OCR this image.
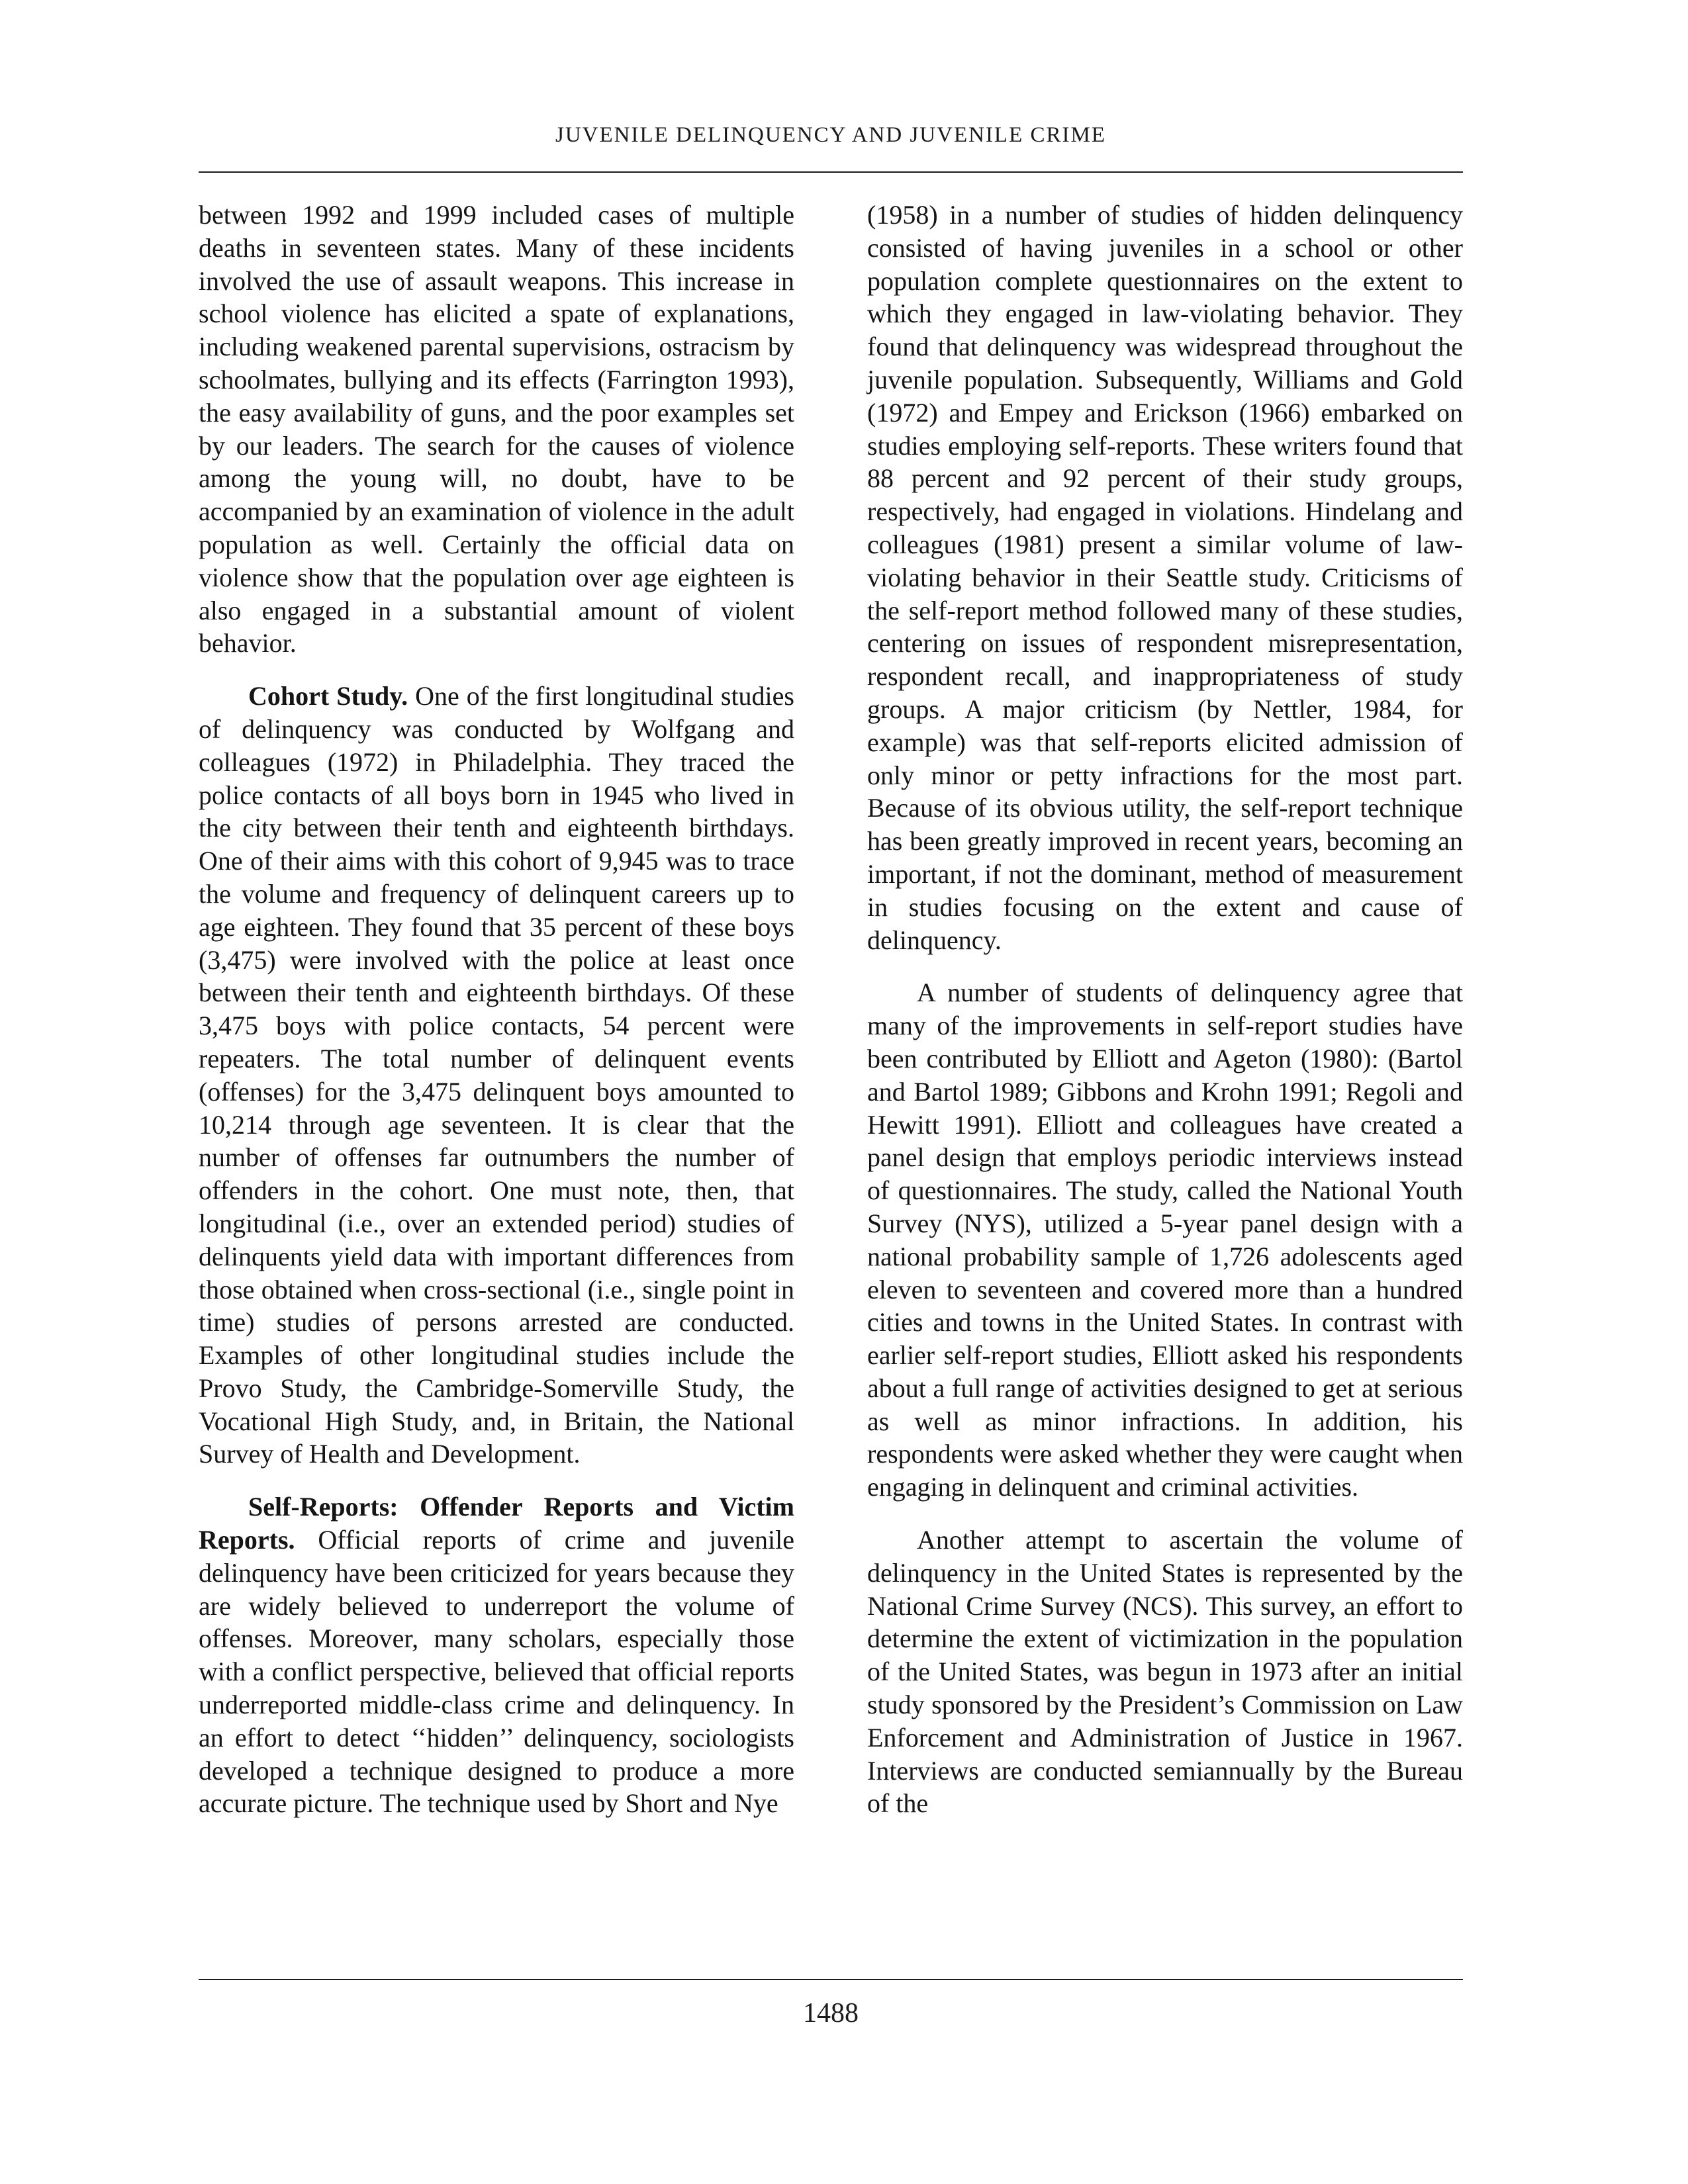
JUVENILE DELINQUENCY AND JUVENILE CRIME

between 1992 and 1999 included cases of multiple deaths in seventeen states. Many of these incidents involved the use of assault weapons. This increase in school violence has elicited a spate of explanations, including weakened parental supervisions, ostracism by schoolmates, bullying and its effects (Farrington 1993), the easy availability of guns, and the poor examples set by our leaders. The search for the causes of violence among the young will, no doubt, have to be accompanied by an examination of violence in the adult population as well. Certainly the official data on violence show that the population over age eighteen is also engaged in a substantial amount of violent behavior.

Cohort Study. One of the first longitudinal studies of delinquency was conducted by Wolfgang and colleagues (1972) in Philadelphia. They traced the police contacts of all boys born in 1945 who lived in the city between their tenth and eighteenth birthdays. One of their aims with this cohort of 9,945 was to trace the volume and frequency of delinquent careers up to age eighteen. They found that 35 percent of these boys (3,475) were involved with the police at least once between their tenth and eighteenth birthdays. Of these 3,475 boys with police contacts, 54 percent were repeaters. The total number of delinquent events (offenses) for the 3,475 delinquent boys amounted to 10,214 through age seventeen. It is clear that the number of offenses far outnumbers the number of offenders in the cohort. One must note, then, that longitudinal (i.e., over an extended period) studies of delinquents yield data with important differences from those obtained when cross-sectional (i.e., single point in time) studies of persons arrested are conducted. Examples of other longitudinal studies include the Provo Study, the Cambridge-Somerville Study, the Vocational High Study, and, in Britain, the National Survey of Health and Development.

Self-Reports: Offender Reports and Victim Reports. Official reports of crime and juvenile delinquency have been criticized for years because they are widely believed to underreport the volume of offenses. Moreover, many scholars, especially those with a conflict perspective, believed that official reports underreported middle-class crime and delinquency. In an effort to detect ‘‘hidden’’ delinquency, sociologists developed a technique designed to produce a more accurate picture. The technique used by Short and Nye

(1958) in a number of studies of hidden delinquency consisted of having juveniles in a school or other population complete questionnaires on the extent to which they engaged in law-violating behavior. They found that delinquency was widespread throughout the juvenile population. Subsequently, Williams and Gold (1972) and Empey and Erickson (1966) embarked on studies employing self-reports. These writers found that 88 percent and 92 percent of their study groups, respectively, had engaged in violations. Hindelang and colleagues (1981) present a similar volume of law-violating behavior in their Seattle study. Criticisms of the self-report method followed many of these studies, centering on issues of respondent misrepresentation, respondent recall, and inappropriateness of study groups. A major criticism (by Nettler, 1984, for example) was that self-reports elicited admission of only minor or petty infractions for the most part. Because of its obvious utility, the self-report technique has been greatly improved in recent years, becoming an important, if not the dominant, method of measurement in studies focusing on the extent and cause of delinquency.

A number of students of delinquency agree that many of the improvements in self-report studies have been contributed by Elliott and Ageton (1980): (Bartol and Bartol 1989; Gibbons and Krohn 1991; Regoli and Hewitt 1991). Elliott and colleagues have created a panel design that employs periodic interviews instead of questionnaires. The study, called the National Youth Survey (NYS), utilized a 5-year panel design with a national probability sample of 1,726 adolescents aged eleven to seventeen and covered more than a hundred cities and towns in the United States. In contrast with earlier self-report studies, Elliott asked his respondents about a full range of activities designed to get at serious as well as minor infractions. In addition, his respondents were asked whether they were caught when engaging in delinquent and criminal activities.

Another attempt to ascertain the volume of delinquency in the United States is represented by the National Crime Survey (NCS). This survey, an effort to determine the extent of victimization in the population of the United States, was begun in 1973 after an initial study sponsored by the President’s Commission on Law Enforcement and Administration of Justice in 1967. Interviews are conducted semiannually by the Bureau of the

1488
